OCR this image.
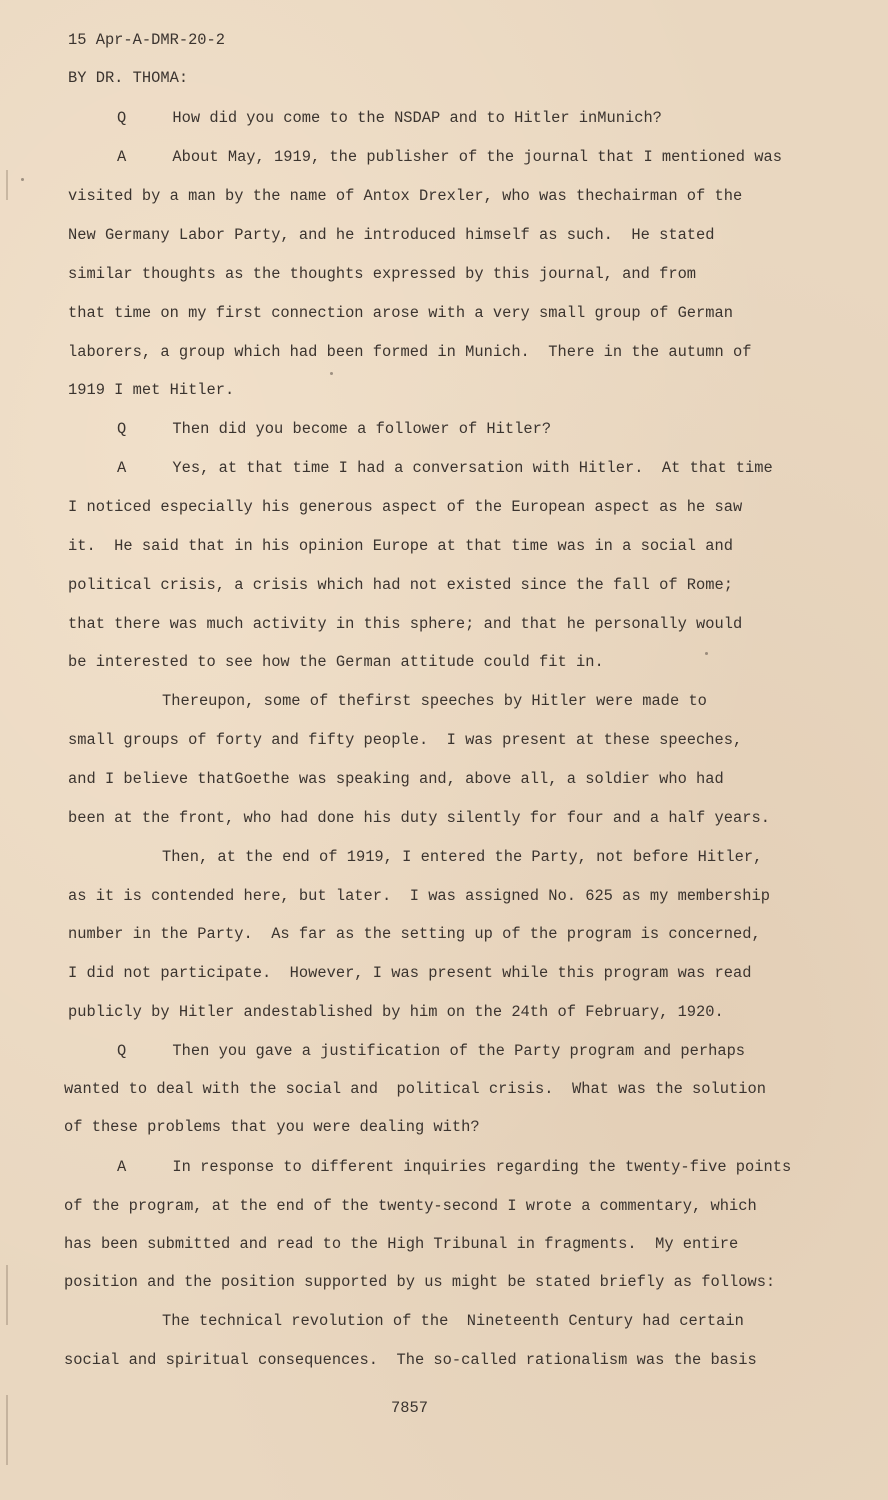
15 Apr-A-DMR-20-2
BY DR. THOMA:
Q     How did you come to the NSDAP and to Hitler inMunich?
A     About May, 1919, the publisher of the journal that I mentioned was
visited by a man by the name of Antox Drexler, who was thechairman of the
New Germany Labor Party, and he introduced himself as such.  He stated
similar thoughts as the thoughts expressed by this journal, and from
that time on my first connection arose with a very small group of German
laborers, a group which had been formed in Munich.  There in the autumn of
1919 I met Hitler.
Q     Then did you become a follower of Hitler?
A     Yes, at that time I had a conversation with Hitler.  At that time
I noticed especially his generous aspect of the European aspect as he saw
it.  He said that in his opinion Europe at that time was in a social and
political crisis, a crisis which had not existed since the fall of Rome;
that there was much activity in this sphere; and that he personally would
be interested to see how the German attitude could fit in.
Thereupon, some of thefirst speeches by Hitler were made to
small groups of forty and fifty people.  I was present at these speeches,
and I believe thatGoethe was speaking and, above all, a soldier who had
been at the front, who had done his duty silently for four and a half years.
Then, at the end of 1919, I entered the Party, not before Hitler,
as it is contended here, but later.  I was assigned No. 625 as my membership
number in the Party.  As far as the setting up of the program is concerned,
I did not participate.  However, I was present while this program was read
publicly by Hitler andestablished by him on the 24th of February, 1920.
Q     Then you gave a justification of the Party program and perhaps
wanted to deal with the social and  political crisis.  What was the solution
of these problems that you were dealing with?
A     In response to different inquiries regarding the twenty-five points
of the program, at the end of the twenty-second I wrote a commentary, which
has been submitted and read to the High Tribunal in fragments.  My entire
position and the position supported by us might be stated briefly as follows:
The technical revolution of the  Nineteenth Century had certain
social and spiritual consequences.  The so-called rationalism was the basis
7857
